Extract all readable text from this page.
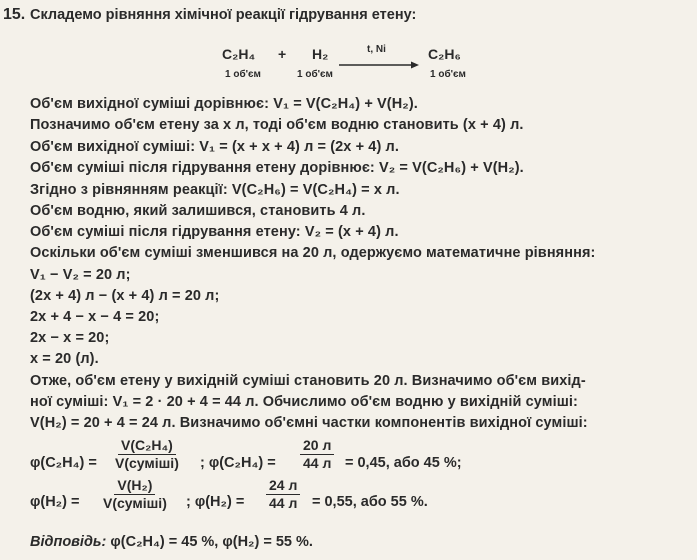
15. Складемо рівняння хімічної реакції гідрування етену:
C₂H₄ + H₂	t, Ni	C₂H₆
1 об'єм	1 об'єм	1 об'єм
Об'єм вихідної суміші дорівнює: V₁ = V(C₂H₄) + V(H₂).
Позначимо об'єм етену за x л, тоді об'єм водню становить (x + 4) л.
Об'єм вихідної суміші: V₁ = (x + x + 4) л = (2x + 4) л.
Об'єм суміші після гідрування етену дорівнює: V₂ = V(C₂H₆) + V(H₂).
Згідно з рівнянням реакції: V(C₂H₆) = V(C₂H₄) = x л.
Об'єм водню, який залишився, становить 4 л.
Об'єм суміші після гідрування етену: V₂ = (x + 4) л.
Оскільки об'єм суміші зменшився на 20 л, одержуємо математичне рівняння:
V₁ − V₂ = 20 л;
(2x + 4) л − (x + 4) л = 20 л;
2x + 4 − x − 4 = 20;
2x − x = 20;
x = 20 (л).
Отже, об'єм етену у вихідній суміші становить 20 л. Визначимо об'єм вихід-
ної суміші: V₁ = 2 · 20 + 4 = 44 л. Обчислимо об'єм водню у вихідній суміші:
V(H₂) = 20 + 4 = 24 л. Визначимо об'ємні частки компонентів вихідної суміші:
φ(C₂H₄) =
V(C₂H₄)
V(суміші) ; φ(C₂H₄) =
20 л
44 л = 0,45, або 45 %;
φ(H₂) =
V(H₂)
V(суміші) ; φ(H₂) =
24 л
44 л = 0,55, або 55 %.
Відповідь: φ(C₂H₄) = 45 %, φ(H₂) = 55 %.
